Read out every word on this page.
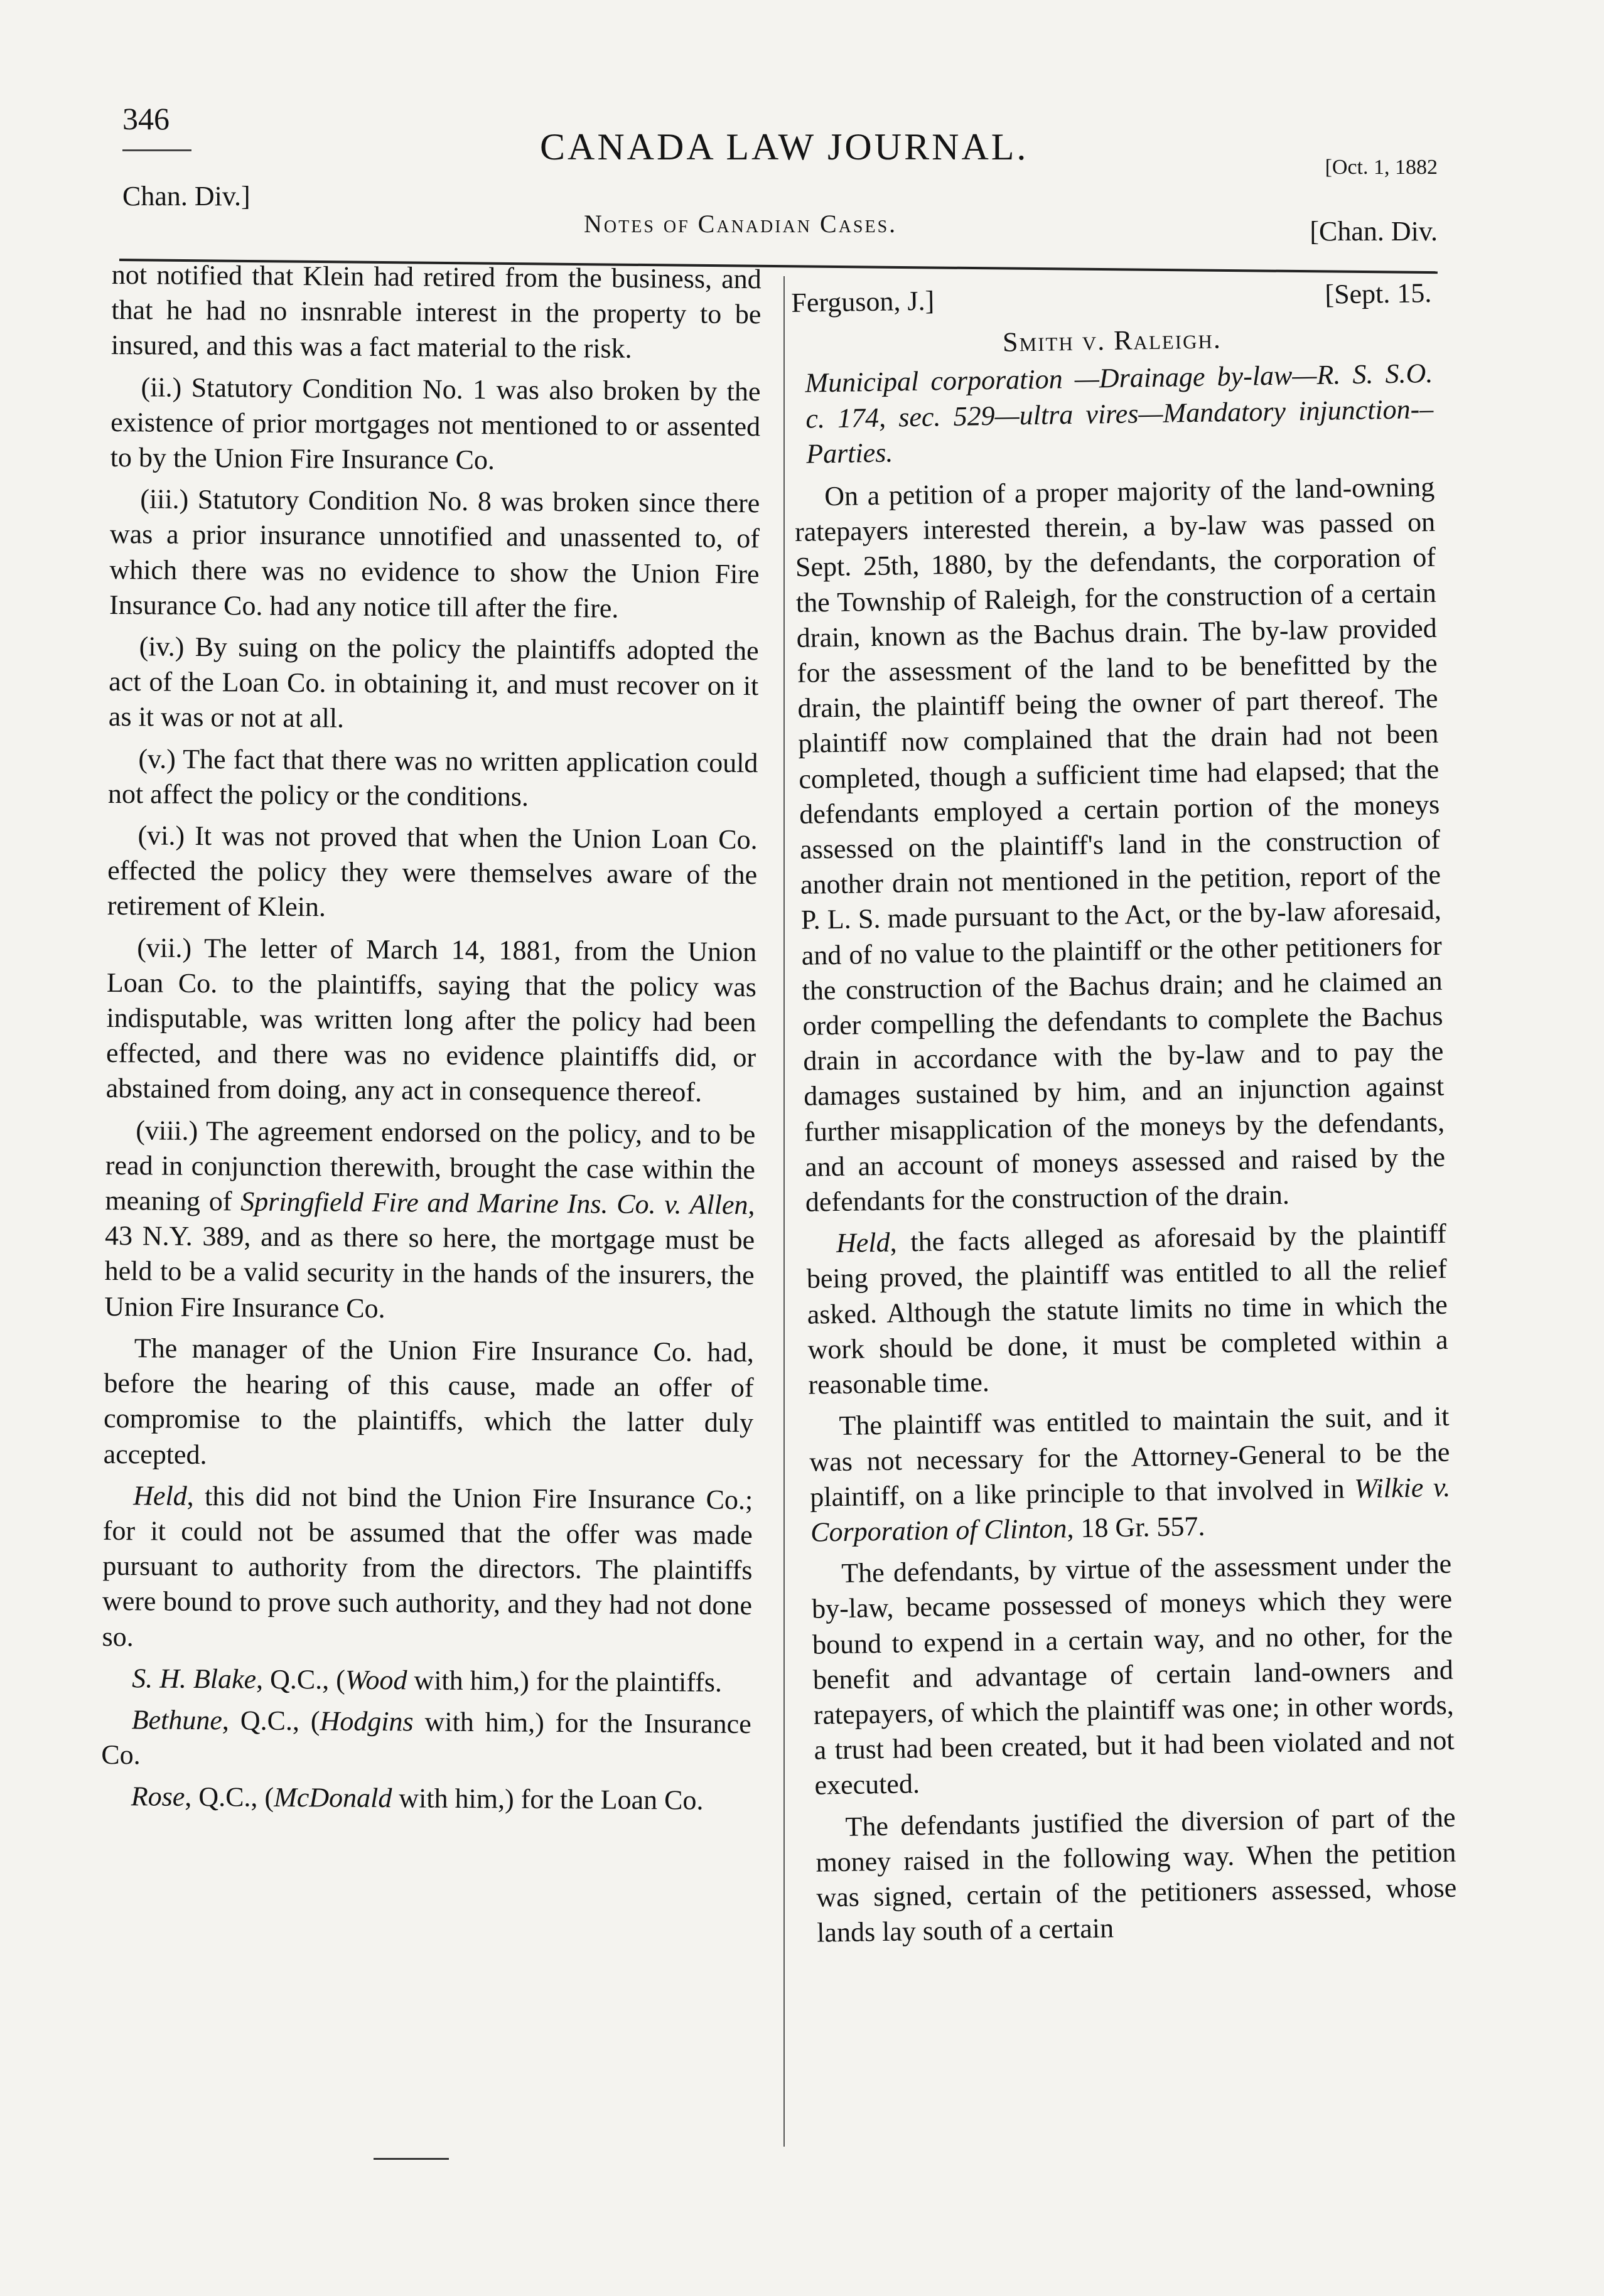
346
CANADA LAW JOURNAL.	[Oct. 1, 1882
Chan. Div.]
Notes of Canadian Cases.	[Chan. Div.

not notified that Klein had retired from the business, and that he had no insnrable interest in the property to be insured, and this was a fact material to the risk.

(ii.) Statutory Condition No. 1 was also broken by the existence of prior mortgages not mentioned to or assented to by the Union Fire Insurance Co.

(iii.) Statutory Condition No. 8 was broken since there was a prior insurance unnotified and unassented to, of which there was no evidence to show the Union Fire Insurance Co. had any notice till after the fire.

(iv.) By suing on the policy the plaintiffs adopted the act of the Loan Co. in obtaining it, and must recover on it as it was or not at all.

(v.) The fact that there was no written application could not affect the policy or the conditions.

(vi.) It was not proved that when the Union Loan Co. effected the policy they were themselves aware of the retirement of Klein.

(vii.) The letter of March 14, 1881, from the Union Loan Co. to the plaintiffs, saying that the policy was indisputable, was written long after the policy had been effected, and there was no evidence plaintiffs did, or abstained from doing, any act in consequence thereof.

(viii.) The agreement endorsed on the policy, and to be read in conjunction therewith, brought the case within the meaning of Springfield Fire and Marine Ins. Co. v. Allen, 43 N.Y. 389, and as there so here, the mortgage must be held to be a valid security in the hands of the insurers, the Union Fire Insurance Co.

The manager of the Union Fire Insurance Co. had, before the hearing of this cause, made an offer of compromise to the plaintiffs, which the latter duly accepted.

Held, this did not bind the Union Fire Insurance Co.; for it could not be assumed that the offer was made pursuant to authority from the directors. The plaintiffs were bound to prove such authority, and they had not done so.

S. H. Blake, Q.C., (Wood with him,) for the plaintiffs.

Bethune, Q.C., (Hodgins with him,) for the Insurance Co.

Rose, Q.C., (McDonald with him,) for the Loan Co.

Ferguson, J.]	[Sept. 15.
Smith v. Raleigh.

Municipal corporation —Drainage by-law—R. S. S.O. c. 174, sec. 529—ultra vires—Mandatory injunction-–Parties.

On a petition of a proper majority of the land-owning ratepayers interested therein, a by-law was passed on Sept. 25th, 1880, by the defendants, the corporation of the Township of Raleigh, for the construction of a certain drain, known as the Bachus drain. The by-law provided for the assessment of the land to be benefitted by the drain, the plaintiff being the owner of part thereof. The plaintiff now complained that the drain had not been completed, though a sufficient time had elapsed; that the defendants employed a certain portion of the moneys assessed on the plaintiff's land in the construction of another drain not mentioned in the petition, report of the P. L. S. made pursuant to the Act, or the by-law aforesaid, and of no value to the plaintiff or the other petitioners for the construction of the Bachus drain; and he claimed an order compelling the defendants to complete the Bachus drain in accordance with the by-law and to pay the damages sustained by him, and an injunction against further misapplication of the moneys by the defendants, and an account of moneys assessed and raised by the defendants for the construction of the drain.

Held, the facts alleged as aforesaid by the plaintiff being proved, the plaintiff was entitled to all the relief asked. Although the statute limits no time in which the work should be done, it must be completed within a reasonable time.

The plaintiff was entitled to maintain the suit, and it was not necessary for the Attorney-General to be the plaintiff, on a like principle to that involved in Wilkie v. Corporation of Clinton, 18 Gr. 557.

The defendants, by virtue of the assessment under the by-law, became possessed of moneys which they were bound to expend in a certain way, and no other, for the benefit and advantage of certain land-owners and ratepayers, of which the plaintiff was one; in other words, a trust had been created, but it had been violated and not executed.

The defendants justified the diversion of part of the money raised in the following way. When the petition was signed, certain of the petitioners assessed, whose lands lay south of a certain
